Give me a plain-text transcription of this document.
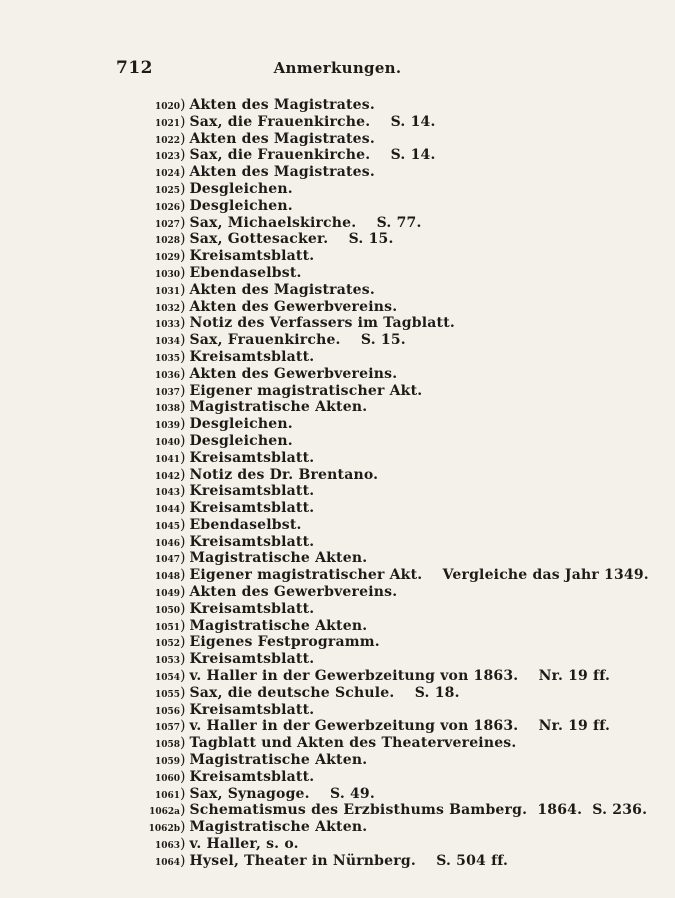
712	Anmerkungen.
1020 ) Akten des Magistrates.
1021 ) Sax, die Frauenkirche.    S. 14.
1022 ) Akten des Magistrates.
1023 ) Sax, die Frauenkirche.    S. 14.
1024 ) Akten des Magistrates.
1025 ) Desgleichen.
1026 ) Desgleichen.
1027 ) Sax, Michaelskirche.    S. 77.
1028 ) Sax, Gottesacker.    S. 15.
1029 ) Kreisamtsblatt.
1030 ) Ebendaselbst.
1031 ) Akten des Magistrates.
1032 ) Akten des Gewerbvereins.
1033 ) Notiz des Verfassers im Tagblatt.
1034 ) Sax, Frauenkirche.    S. 15.
1035 ) Kreisamtsblatt.
1036 ) Akten des Gewerbvereins.
1037 ) Eigener magistratischer Akt.
1038 ) Magistratische Akten.
1039 ) Desgleichen.
1040 ) Desgleichen.
1041 ) Kreisamtsblatt.
1042 ) Notiz des Dr. Brentano.
1043 ) Kreisamtsblatt.
1044 ) Kreisamtsblatt.
1045 ) Ebendaselbst.
1046 ) Kreisamtsblatt.
1047 ) Magistratische Akten.
1048 ) Eigener magistratischer Akt.    Vergleiche das Jahr 1349.
1049 ) Akten des Gewerbvereins.
1050 ) Kreisamtsblatt.
1051 ) Magistratische Akten.
1052 ) Eigenes Festprogramm.
1053 ) Kreisamtsblatt.
1054 ) v. Haller in der Gewerbzeitung von 1863.    Nr. 19 ff.
1055 ) Sax, die deutsche Schule.    S. 18.
1056 ) Kreisamtsblatt.
1057 ) v. Haller in der Gewerbzeitung von 1863.    Nr. 19 ff.
1058 ) Tagblatt und Akten des Theatervereines.
1059 ) Magistratische Akten.
1060 ) Kreisamtsblatt.
1061 ) Sax, Synagoge.    S. 49.
1062a ) Schematismus des Erzbisthums Bamberg.  1864.  S. 236.
1062b ) Magistratische Akten.
1063 ) v. Haller, s. o.
1064 ) Hysel, Theater in Nürnberg.    S. 504 ff.
